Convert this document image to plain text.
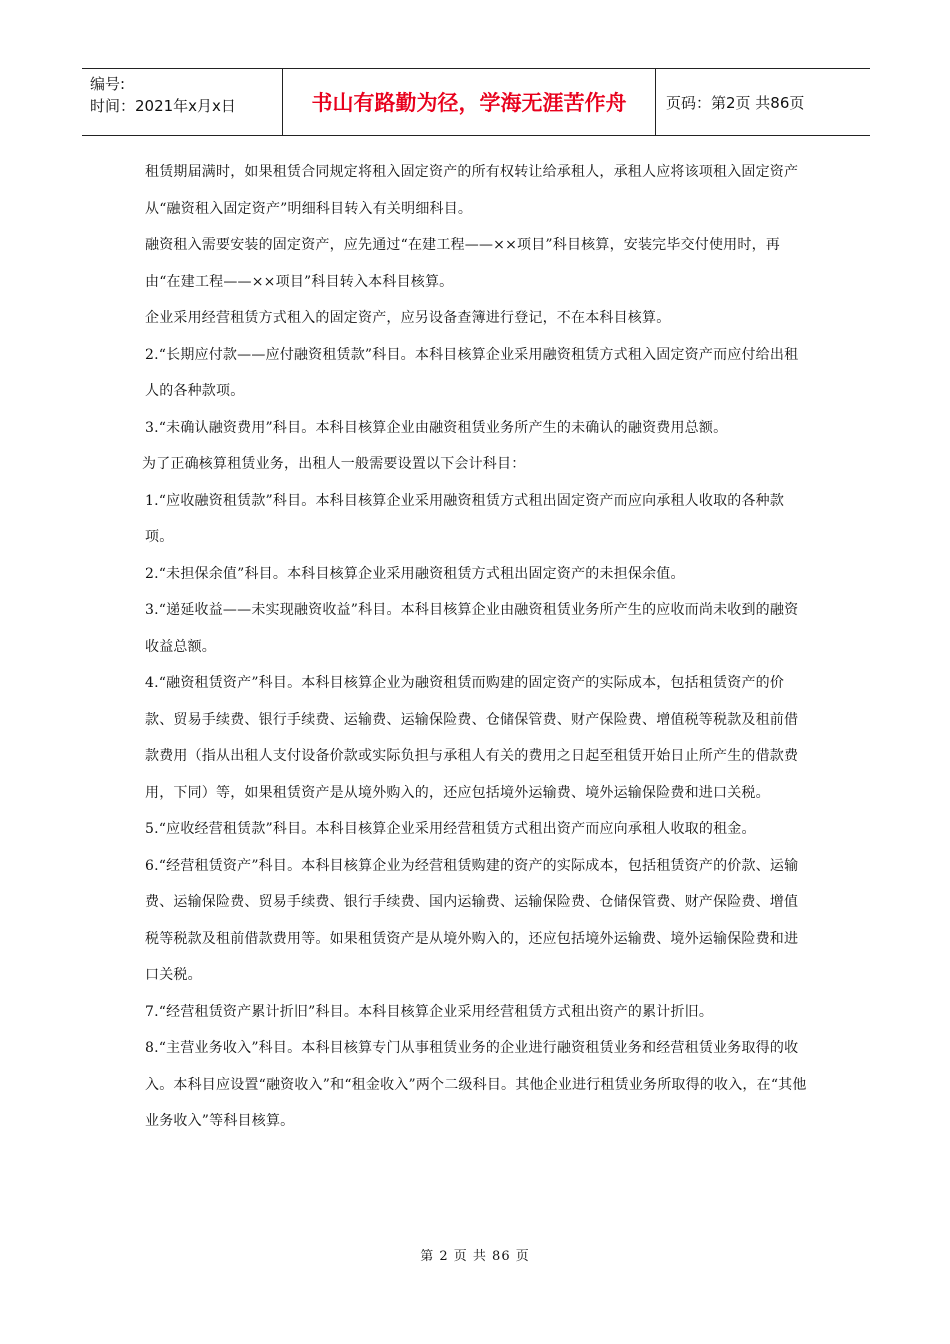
编号:
时间：2021年x月x日	书山有路勤为径，学海无涯苦作舟	页码：第2页 共86页

租赁期届满时，如果租赁合同规定将租入固定资产的所有权转让给承租人，承租人应将该项租入固定资产从“融资租入固定资产”明细科目转入有关明细科目。

融资租入需要安装的固定资产，应先通过“在建工程——××项目”科目核算，安装完毕交付使用时，再由“在建工程——××项目”科目转入本科目核算。

企业采用经营租赁方式租入的固定资产，应另设备查簿进行登记，不在本科目核算。

2.“长期应付款——应付融资租赁款”科目。本科目核算企业采用融资租赁方式租入固定资产而应付给出租人的各种款项。

3.“未确认融资费用”科目。本科目核算企业由融资租赁业务所产生的未确认的融资费用总额。

为了正确核算租赁业务，出租人一般需要设置以下会计科目：

1.“应收融资租赁款”科目。本科目核算企业采用融资租赁方式租出固定资产而应向承租人收取的各种款项。

2.“未担保余值”科目。本科目核算企业采用融资租赁方式租出固定资产的未担保余值。

3.“递延收益——未实现融资收益”科目。本科目核算企业由融资租赁业务所产生的应收而尚未收到的融资收益总额。

4.“融资租赁资产”科目。本科目核算企业为融资租赁而购建的固定资产的实际成本，包括租赁资产的价款、贸易手续费、银行手续费、运输费、运输保险费、仓储保管费、财产保险费、增值税等税款及租前借款费用（指从出租人支付设备价款或实际负担与承租人有关的费用之日起至租赁开始日止所产生的借款费用，下同）等，如果租赁资产是从境外购入的，还应包括境外运输费、境外运输保险费和进口关税。

5.“应收经营租赁款”科目。本科目核算企业采用经营租赁方式租出资产而应向承租人收取的租金。

6.“经营租赁资产”科目。本科目核算企业为经营租赁购建的资产的实际成本，包括租赁资产的价款、运输费、运输保险费、贸易手续费、银行手续费、国内运输费、运输保险费、仓储保管费、财产保险费、增值税等税款及租前借款费用等。如果租赁资产是从境外购入的，还应包括境外运输费、境外运输保险费和进口关税。

7.“经营租赁资产累计折旧”科目。本科目核算企业采用经营租赁方式租出资产的累计折旧。

8.“主营业务收入”科目。本科目核算专门从事租赁业务的企业进行融资租赁业务和经营租赁业务取得的收入。本科目应设置“融资收入”和“租金收入”两个二级科目。其他企业进行租赁业务所取得的收入，在“其他业务收入”等科目核算。

第 2 页 共 86 页
